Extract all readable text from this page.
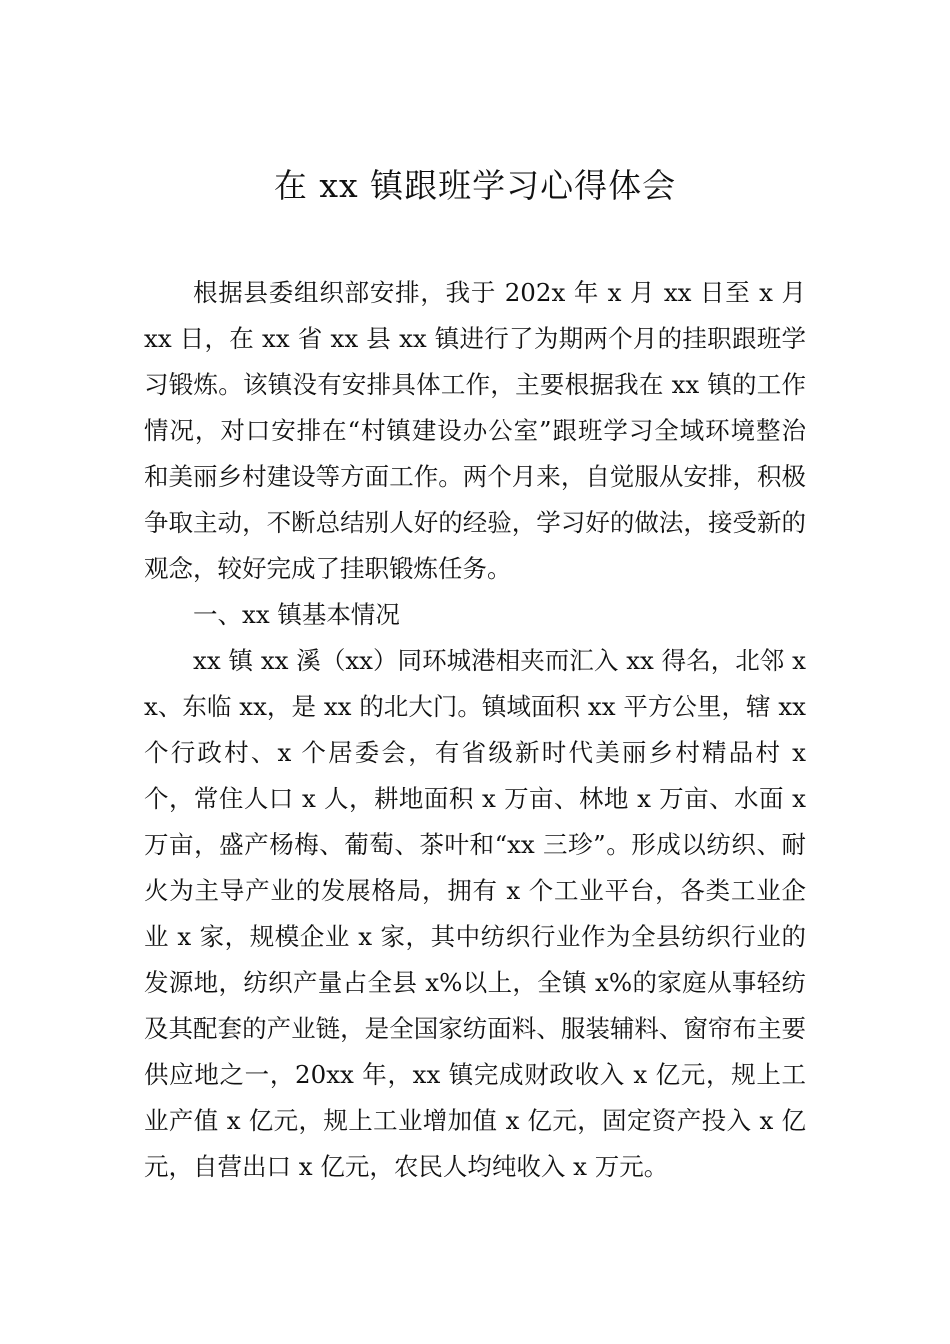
在 xx 镇跟班学习心得体会

根据县委组织部安排，我于 202x 年 x 月 xx 日至 x 月 xx 日，在 xx 省 xx 县 xx 镇进行了为期两个月的挂职跟班学习锻炼。该镇没有安排具体工作，主要根据我在 xx 镇的工作情况，对口安排在“村镇建设办公室”跟班学习全域环境整治和美丽乡村建设等方面工作。两个月来，自觉服从安排，积极争取主动，不断总结别人好的经验，学习好的做法，接受新的观念，较好完成了挂职锻炼任务。

一、xx 镇基本情况

xx 镇 xx 溪（xx）同环城港相夹而汇入 xx 得名，北邻 xx、东临 xx，是 xx 的北大门。镇域面积 xx 平方公里，辖 xx 个行政村、x 个居委会，有省级新时代美丽乡村精品村 x 个，常住人口 x 人，耕地面积 x 万亩、林地 x 万亩、水面 x 万亩，盛产杨梅、葡萄、茶叶和“xx 三珍”。形成以纺织、耐火为主导产业的发展格局，拥有 x 个工业平台，各类工业企业 x 家，规模企业 x 家，其中纺织行业作为全县纺织行业的发源地，纺织产量占全县 x%以上，全镇 x%的家庭从事轻纺及其配套的产业链，是全国家纺面料、服装辅料、窗帘布主要供应地之一，20xx 年，xx 镇完成财政收入 x 亿元，规上工业产值 x 亿元，规上工业增加值 x 亿元，固定资产投入 x 亿元，自营出口 x 亿元，农民人均纯收入 x 万元。
